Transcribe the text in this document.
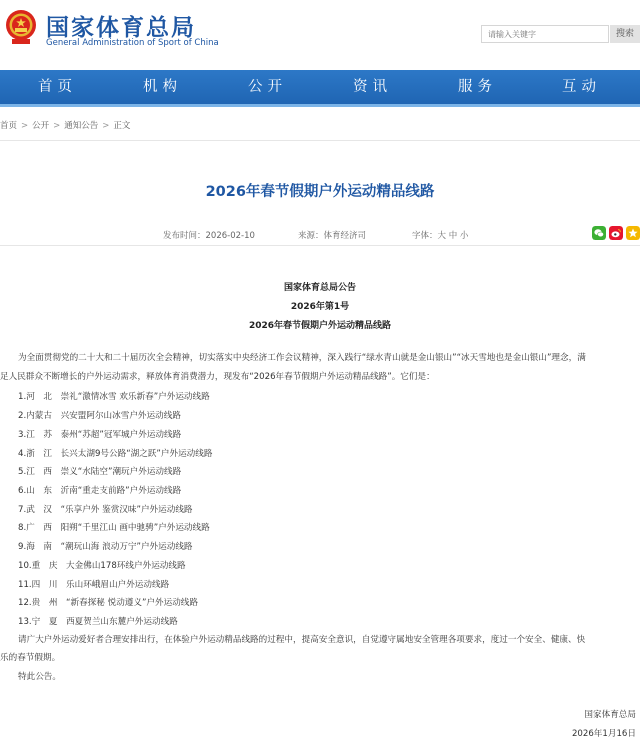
国家体育总局
General Administration of Sport of China
请输入关键字
搜索
首页	机构	公开	资讯	服务	互动
首页 > 公开 > 通知公告 > 正文
2026年春节假期户外运动精品线路
发布时间：2026-02-10	来源：体育经济司	字体：大 中 小
国家体育总局公告
2026年第1号
2026年春节假期户外运动精品线路
为全面贯彻党的二十大和二十届历次全会精神，切实落实中央经济工作会议精神，深入践行“绿水青山就是金山银山”“冰天雪地也是金山银山”理念，满
足人民群众不断增长的户外运动需求，释放体育消费潜力，现发布“2026年春节假期户外运动精品线路”。它们是：
1.河　北　崇礼“激情冰雪 欢乐新春”户外运动线路
2.内蒙古　兴安盟阿尔山冰雪户外运动线路
3.江　苏　泰州“苏超”冠军城户外运动线路
4.浙　江　长兴太湖9号公路“湖之跃”户外运动线路
5.江　西　崇义“水陆空”潮玩户外运动线路
6.山　东　沂南“重走支前路”户外运动线路
7.武　汉　“乐享户外 鉴赏汉味”户外运动线路
8.广　西　阳朔“千里江山 画中驰骋”户外运动线路
9.海　南　“潮玩山海 浪动万宁”户外运动线路
10.重　庆　大金佛山178环线户外运动线路
11.四　川　乐山环峨眉山户外运动线路
12.贵　州　“新春探秘 悦动遵义”户外运动线路
13.宁　夏　西夏贺兰山东麓户外运动线路
请广大户外运动爱好者合理安排出行，在体验户外运动精品线路的过程中，提高安全意识，自觉遵守属地安全管理各项要求，度过一个安全、健康、快
乐的春节假期。
特此公告。
国家体育总局
2026年1月16日
